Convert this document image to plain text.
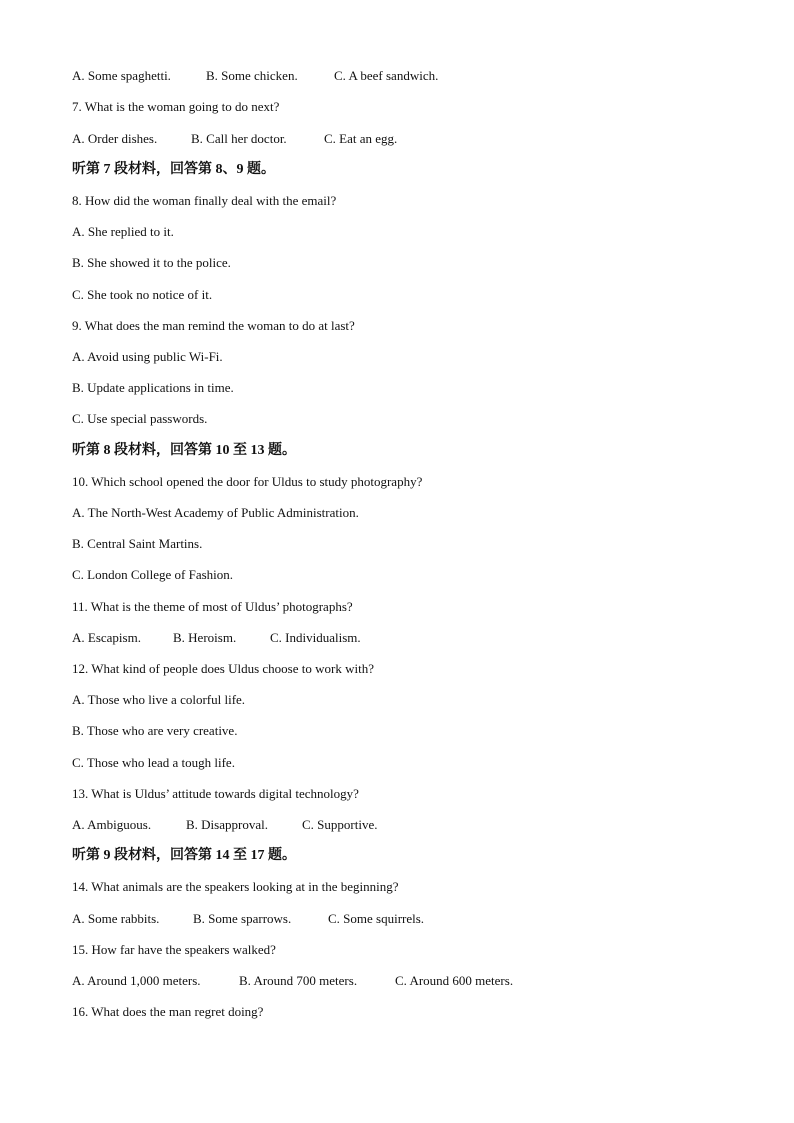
A. Some spaghetti.	B. Some chicken.	C. A beef sandwich.
7. What is the woman going to do next?
A. Order dishes.	B. Call her doctor.	C. Eat an egg.
听第 7 段材料，回答第 8、9 题。
8. How did the woman finally deal with the email?
A. She replied to it.
B. She showed it to the police.
C. She took no notice of it.
9. What does the man remind the woman to do at last?
A. Avoid using public Wi-Fi.
B. Update applications in time.
C. Use special passwords.
听第 8 段材料，回答第 10 至 13 题。
10. Which school opened the door for Uldus to study photography?
A. The North-West Academy of Public Administration.
B. Central Saint Martins.
C. London College of Fashion.
11. What is the theme of most of Uldus’ photographs?
A. Escapism. B. Heroism.	C. Individualism.
12. What kind of people does Uldus choose to work with?
A. Those who live a colorful life.
B. Those who are very creative.
C. Those who lead a tough life.
13. What is Uldus’ attitude towards digital technology?
A. Ambiguous.	B. Disapproval.	C. Supportive.
听第 9 段材料，回答第 14 至 17 题。
14. What animals are the speakers looking at in the beginning?
A. Some rabbits.	B. Some sparrows.	C. Some squirrels.
15. How far have the speakers walked?
A. Around 1,000 meters.	B. Around 700 meters.	C. Around 600 meters.
16. What does the man regret doing?
